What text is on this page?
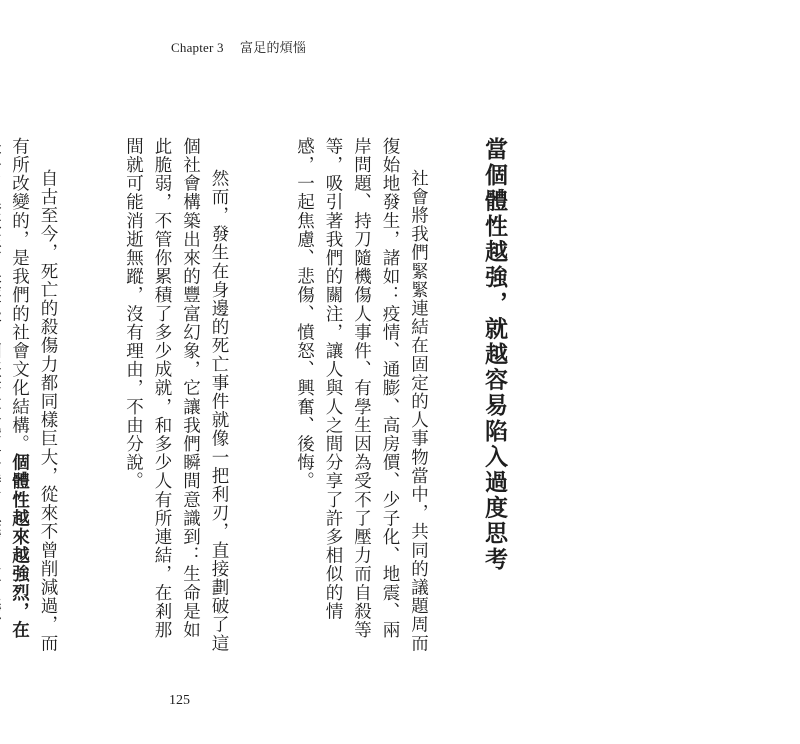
Chapter 3 富足的煩惱

當個體性越強，就越容易陷入過度思考

　社會將我們緊緊連結在固定的人事物當中，共同的議題周而復始地發生，諸如：疫情、通膨、高房價、少子化、地震、兩岸問題、持刀隨機傷人事件、有學生因為受不了壓力而自殺等等，吸引著我們的關注，讓人與人之間分享了許多相似的情感，一起焦慮、悲傷、憤怒、興奮、後悔。

　然而，發生在身邊的死亡事件就像一把利刃，直接劃破了這個社會構築出來的豐富幻象，它讓我們瞬間意識到：生命是如此脆弱，不管你累積了多少成就，和多少人有所連結，在剎那間就可能消逝無蹤，沒有理由，不由分說。

　自古至今，死亡的殺傷力都同樣巨大，從來不曾削減過，而有所改變的，是我們的社會文化結構。個體性越來越強烈，在

125
